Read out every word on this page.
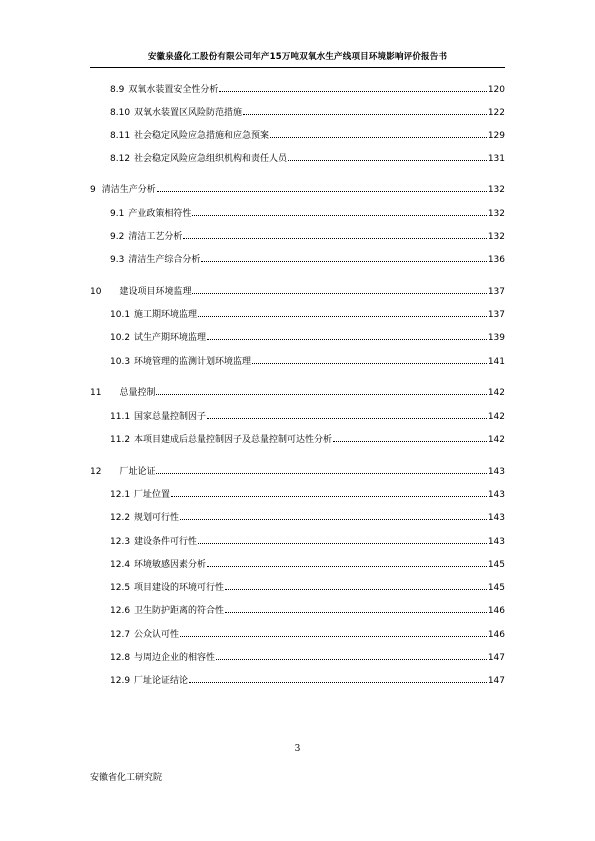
安徽泉盛化工股份有限公司年产15万吨双氧水生产线项目环境影响评价报告书
8.9 双氧水装置安全性分析	120
8.10 双氧水装置区风险防范措施	122
8.11 社会稳定风险应急措施和应急预案	129
8.12 社会稳定风险应急组织机构和责任人员	131
9 清洁生产分析	132
9.1 产业政策相符性	132
9.2 清洁工艺分析	132
9.3 清洁生产综合分析	136
10 建设项目环境监理	137
10.1 施工期环境监理	137
10.2 试生产期环境监理	139
10.3 环境管理的监测计划环境监理	141
11 总量控制	142
11.1 国家总量控制因子	142
11.2 本项目建成后总量控制因子及总量控制可达性分析	142
12 厂址论证	143
12.1 厂址位置	143
12.2 规划可行性	143
12.3 建设条件可行性	143
12.4 环境敏感因素分析	145
12.5 项目建设的环境可行性	145
12.6 卫生防护距离的符合性	146
12.7 公众认可性	146
12.8 与周边企业的相容性	147
12.9 厂址论证结论	147
3
安徽省化工研究院
